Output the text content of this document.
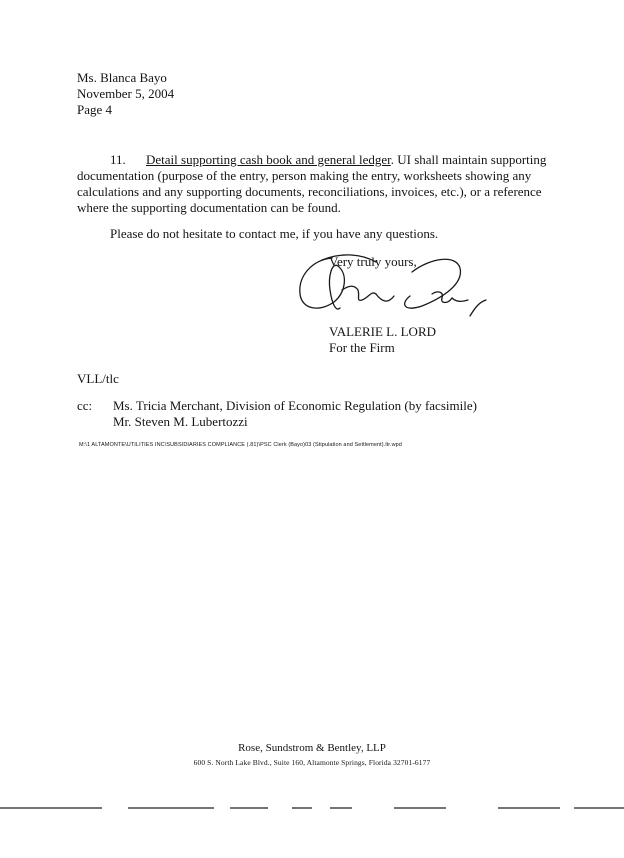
Ms. Blanca Bayo
November 5, 2004
Page 4
11. Detail supporting cash book and general ledger. UI shall maintain supporting documentation (purpose of the entry, person making the entry, worksheets showing any calculations and any supporting documents, reconciliations, invoices, etc.), or a reference where the supporting documentation can be found.
Please do not hesitate to contact me, if you have any questions.
Very truly yours,
VALERIE L. LORD
For the Firm
VLL/tlc
cc: Ms. Tricia Merchant, Division of Economic Regulation (by facsimile)
Mr. Steven M. Lubertozzi
M:\1 ALTAMONTE\UTILITIES INC\SUBSIDIARIES COMPLIANCE (.81)\PSC Clerk (Bayo)03 (Stipulation and Settlement).ltr.wpd
Rose, Sundstrom & Bentley, LLP
600 S. North Lake Blvd., Suite 160, Altamonte Springs, Florida 32701-6177
